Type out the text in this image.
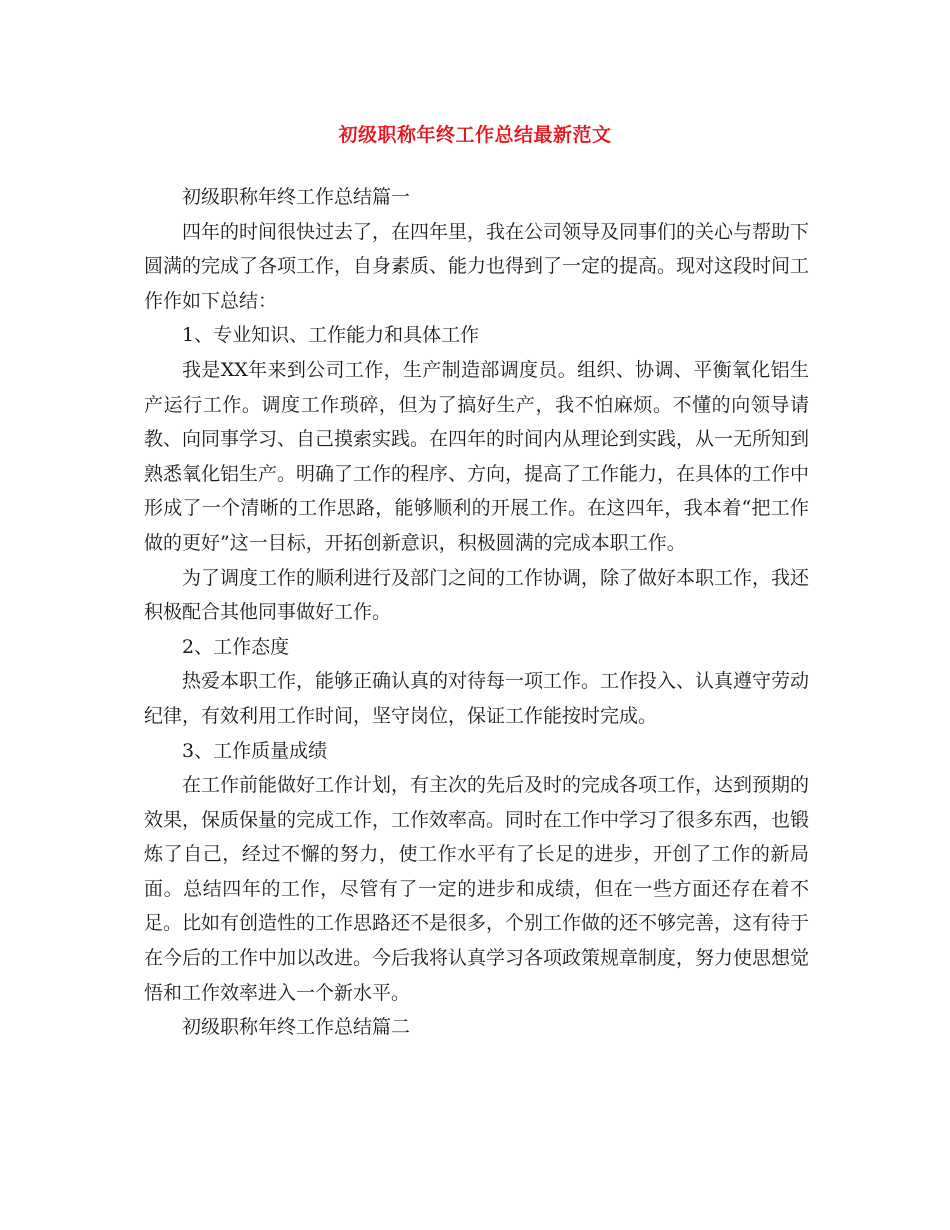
初级职称年终工作总结最新范文

初级职称年终工作总结篇一

四年的时间很快过去了，在四年里，我在公司领导及同事们的关心与帮助下圆满的完成了各项工作，自身素质、能力也得到了一定的提高。现对这段时间工作作如下总结：

1、专业知识、工作能力和具体工作

我是XX年来到公司工作，生产制造部调度员。组织、协调、平衡氧化铝生产运行工作。调度工作琐碎，但为了搞好生产，我不怕麻烦。不懂的向领导请教、向同事学习、自己摸索实践。在四年的时间内从理论到实践，从一无所知到熟悉氧化铝生产。明确了工作的程序、方向，提高了工作能力，在具体的工作中形成了一个清晰的工作思路，能够顺利的开展工作。在这四年，我本着“把工作做的更好”这一目标，开拓创新意识，积极圆满的完成本职工作。

为了调度工作的顺利进行及部门之间的工作协调，除了做好本职工作，我还积极配合其他同事做好工作。

2、工作态度

热爱本职工作，能够正确认真的对待每一项工作。工作投入、认真遵守劳动纪律，有效利用工作时间，坚守岗位，保证工作能按时完成。

3、工作质量成绩

在工作前能做好工作计划，有主次的先后及时的完成各项工作，达到预期的效果，保质保量的完成工作，工作效率高。同时在工作中学习了很多东西，也锻炼了自己，经过不懈的努力，使工作水平有了长足的进步，开创了工作的新局面。总结四年的工作，尽管有了一定的进步和成绩，但在一些方面还存在着不足。比如有创造性的工作思路还不是很多，个别工作做的还不够完善，这有待于在今后的工作中加以改进。今后我将认真学习各项政策规章制度，努力使思想觉悟和工作效率进入一个新水平。

初级职称年终工作总结篇二
